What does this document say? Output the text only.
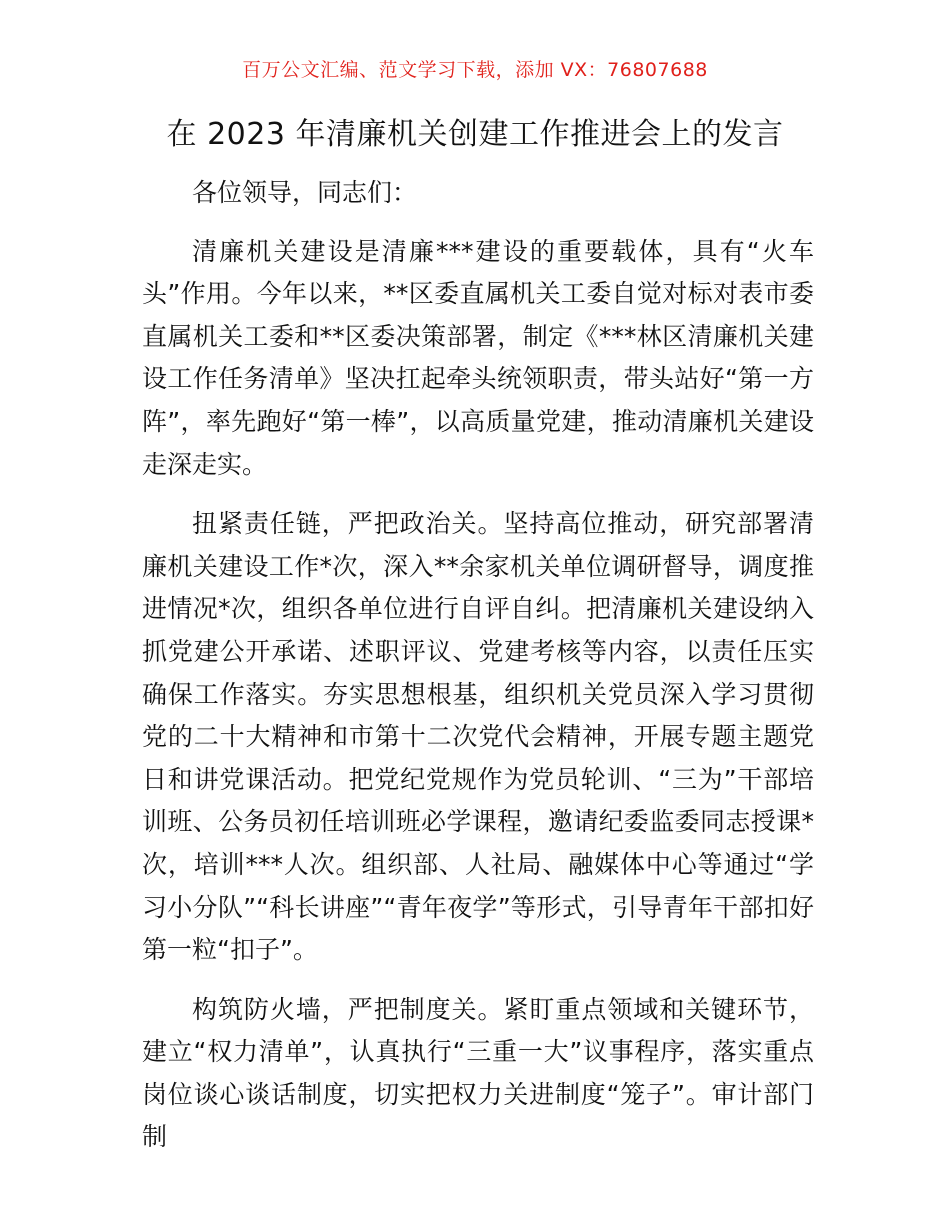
百万公文汇编、范文学习下载，添加 VX：76807688
在 2023 年清廉机关创建工作推进会上的发言

各位领导，同志们：

清廉机关建设是清廉***建设的重要载体，具有“火车头”作用。今年以来，**区委直属机关工委自觉对标对表市委直属机关工委和**区委决策部署，制定《***林区清廉机关建设工作任务清单》坚决扛起牵头统领职责，带头站好“第一方阵”，率先跑好“第一棒”，以高质量党建，推动清廉机关建设走深走实。

扭紧责任链，严把政治关。坚持高位推动，研究部署清廉机关建设工作*次，深入**余家机关单位调研督导，调度推进情况*次，组织各单位进行自评自纠。把清廉机关建设纳入抓党建公开承诺、述职评议、党建考核等内容，以责任压实确保工作落实。夯实思想根基，组织机关党员深入学习贯彻党的二十大精神和市第十二次党代会精神，开展专题主题党日和讲党课活动。把党纪党规作为党员轮训、“三为”干部培训班、公务员初任培训班必学课程，邀请纪委监委同志授课*次，培训***人次。组织部、人社局、融媒体中心等通过“学习小分队”“科长讲座”“青年夜学”等形式，引导青年干部扣好第一粒“扣子”。

构筑防火墙，严把制度关。紧盯重点领域和关键环节，建立“权力清单”，认真执行“三重一大”议事程序，落实重点岗位谈心谈话制度，切实把权力关进制度“笼子”。审计部门制
